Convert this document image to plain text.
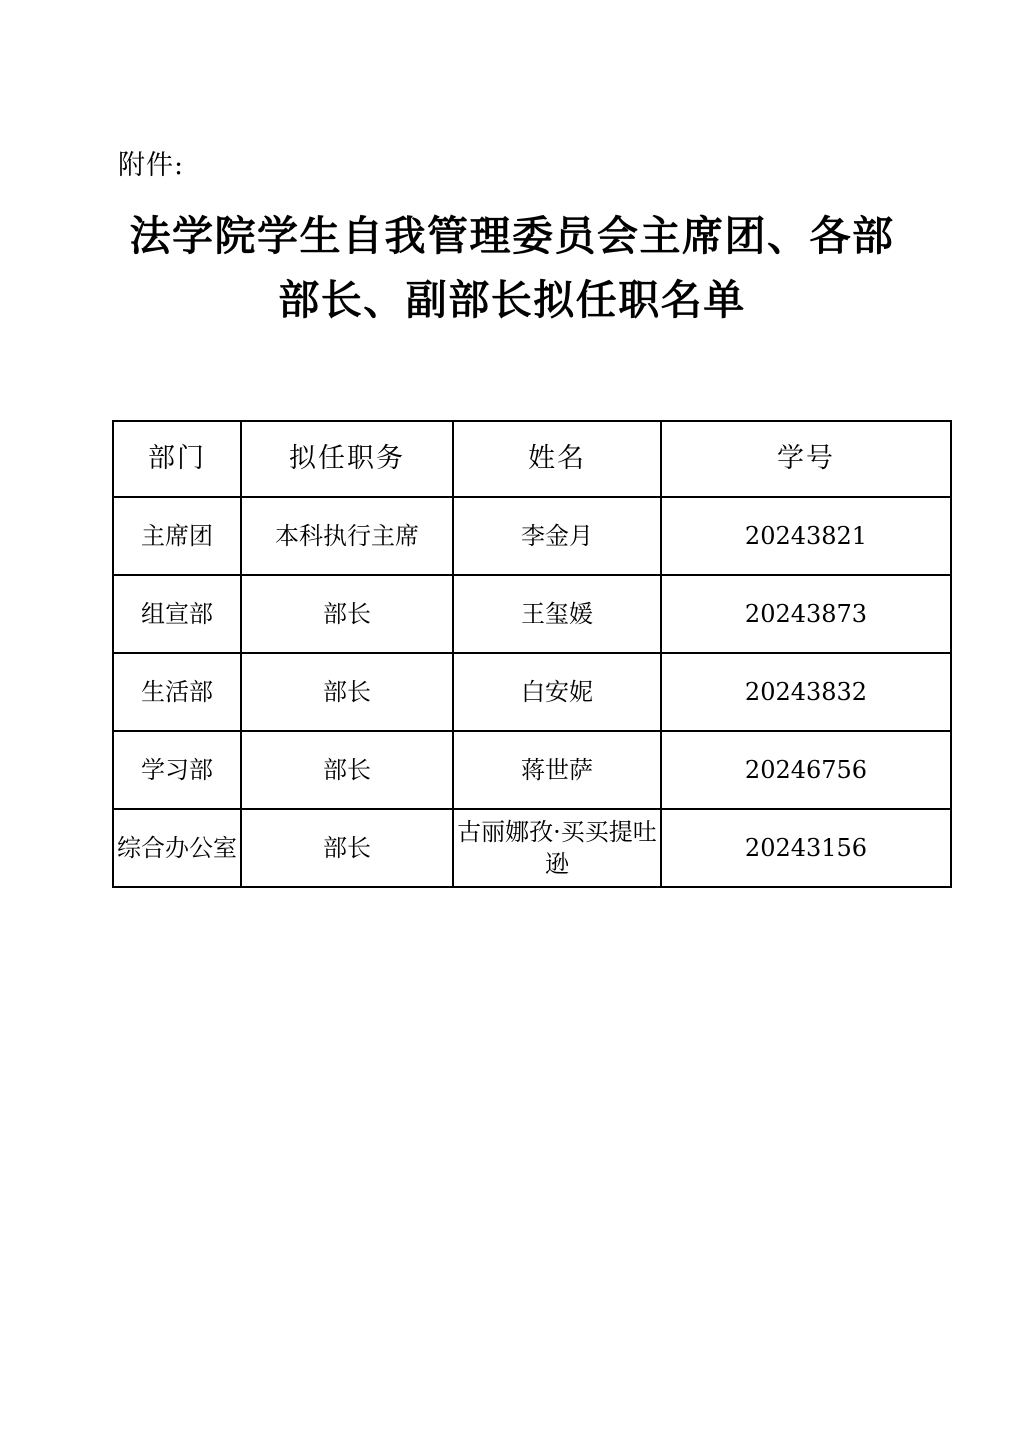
附件:
法学院学生自我管理委员会主席团、各部
部长、副部长拟任职名单
部门	拟任职务	姓名	学号
主席团	本科执行主席	李金月	20243821
组宣部	部长	王玺媛	20243873
生活部	部长	白安妮	20243832
学习部	部长	蒋世萨	20246756
综合办公室	部长	古丽娜孜·买买提吐逊	20243156
